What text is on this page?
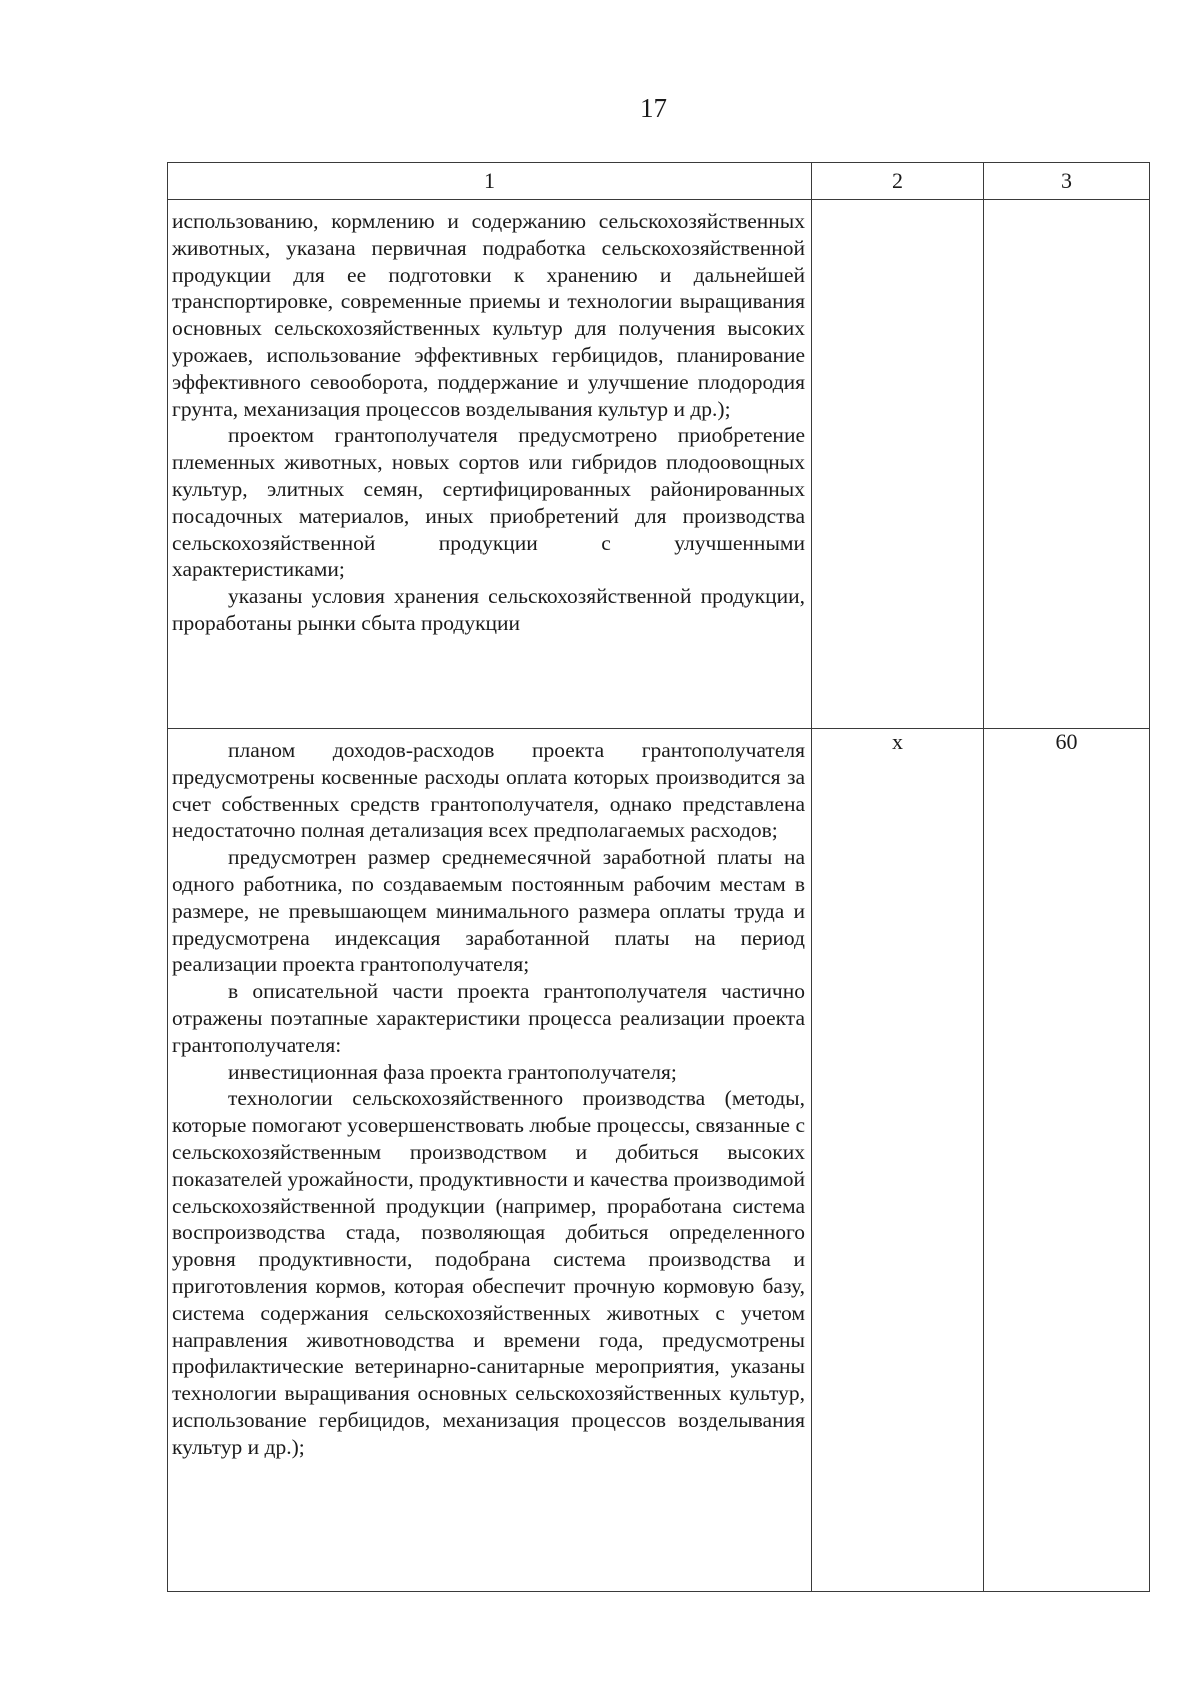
17
1	2	3

использованию, кормлению и содержанию сельскохозяйственных животных, указана первичная подработка сельскохозяйственной продукции для ее подготовки к хранению и дальнейшей транспортировке, современные приемы и технологии выращивания основных сельскохозяйственных культур для получения высоких урожаев, использование эффективных гербицидов, планирование эффективного севооборота, поддержание и улучшение плодородия грунта, механизация процессов возделывания культур и др.);

проектом грантополучателя предусмотрено приобретение племенных животных, новых сортов или гибридов плодоовощных культур, элитных семян, сертифицированных районированных посадочных материалов, иных приобретений для производства сельскохозяйственной продукции с улучшенными характеристиками;

указаны условия хранения сельскохозяйственной продукции, проработаны рынки сбыта продукции		

планом доходов-расходов проекта грантополучателя предусмотрены косвенные расходы оплата которых производится за счет собственных средств грантополучателя, однако представлена недостаточно полная детализация всех предполагаемых расходов;

предусмотрен размер среднемесячной заработной платы на одного работника, по создаваемым постоянным рабочим местам в размере, не превышающем минимального размера оплаты труда и предусмотрена индексация заработанной платы на период реализации проекта грантополучателя;

в описательной части проекта грантополучателя частично отражены поэтапные характеристики процесса реализации проекта грантополучателя:

инвестиционная фаза проекта грантополучателя;

технологии сельскохозяйственного производства (методы, которые помогают усовершенствовать любые процессы, связанные с сельскохозяйственным производством и добиться высоких показателей урожайности, продуктивности и качества производимой сельскохозяйственной продукции (например, проработана система воспроизводства стада, позволяющая добиться определенного уровня продуктивности, подобрана система производства и приготовления кормов, которая обеспечит прочную кормовую базу, система содержания сельскохозяйственных животных с учетом направления животноводства и времени года, предусмотрены профилактические ветеринарно-санитарные мероприятия, указаны технологии выращивания основных сельскохозяйственных культур, использование гербицидов, механизация процессов возделывания культур и др.);	x	60
